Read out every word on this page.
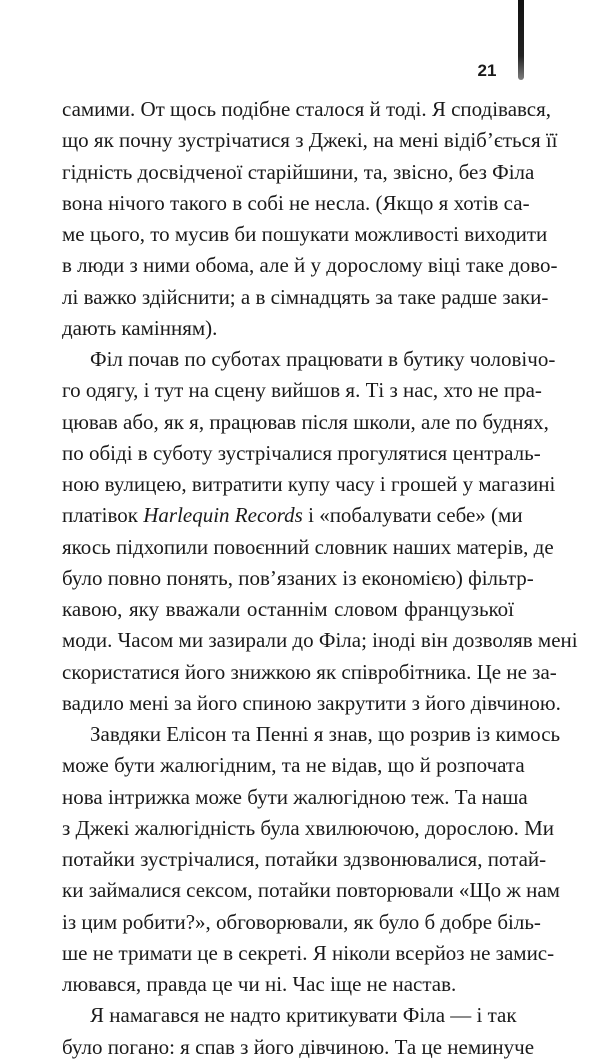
21
самими. От щось подібне сталося й тоді. Я сподівався,
що як почну зустрічатися з Джекі, на мені відіб’ється її
гідність досвідченої старійшини, та, звісно, без Філа
вона нічого такого в собі не несла. (Якщо я хотів са-
ме цього, то мусив би пошукати можливості виходити
в люди з ними обома, але й у дорослому віці таке дово-
лі важко здійснити; а в сімнадцять за таке радше заки-
дають камінням).
Філ почав по суботах працювати в бутику чоловічо-
го одягу, і тут на сцену вийшов я. Ті з нас, хто не пра-
цював або, як я, працював після школи, але по буднях,
по обіді в суботу зустрічалися прогулятися централь-
ною вулицею, витратити купу часу і грошей у магазині
платівок Harlequin Records і «побалувати себе» (ми
якось підхопили повоєнний словник наших матерів, де
було повно понять, пов’язаних із економією) фільтр-
кавою, яку вважали останнім словом французької
моди. Часом ми зазирали до Філа; іноді він дозволяв мені
скористатися його знижкою як співробітника. Це не за-
вадило мені за його спиною закрутити з його дівчиною.
Завдяки Елісон та Пенні я знав, що розрив із кимось
може бути жалюгідним, та не відав, що й розпочата
нова інтрижка може бути жалюгідною теж. Та наша
з Джекі жалюгідність була хвилюючою, дорослою. Ми
потайки зустрічалися, потайки здзвонювалися, потай-
ки займалися сексом, потайки повторювали «Що ж нам
із цим робити?», обговорювали, як було б добре біль-
ше не тримати це в секреті. Я ніколи всерйоз не замис-
лювався, правда це чи ні. Час іще не настав.
Я намагався не надто критикувати Філа — і так
було погано: я спав з його дівчиною. Та це неминуче
